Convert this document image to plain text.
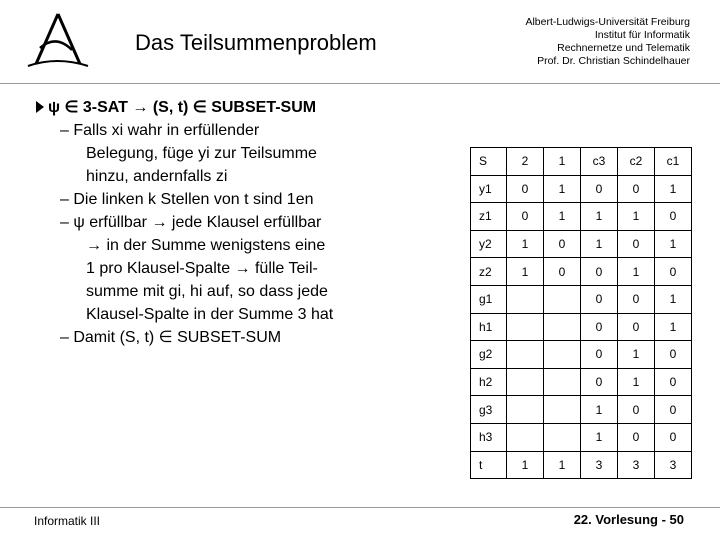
Das Teilsummenproblem
Albert-Ludwigs-Universität Freiburg
Institut für Informatik
Rechnernetze und Telematik
Prof. Dr. Christian Schindelhauer
ψ ∈ 3-SAT → (S, t) ∈ SUBSET-SUM
– Falls xi wahr in erfüllender
Belegung, füge yi zur Teilsumme
hinzu, andernfalls zi
– Die linken k Stellen von t sind 1en
– ψ erfüllbar → jede Klausel erfüllbar
→ in der Summe wenigstens eine
1 pro Klausel-Spalte → fülle Teil-
summe mit gi, hi auf, so dass jede
Klausel-Spalte in der Summe 3 hat
– Damit (S, t) ∈ SUBSET-SUM
S	2	1	c3	c2	c1
y1	0	1	0	0	1
z1	0	1	1	1	0
y2	1	0	1	0	1
z2	1	0	0	1	0
g1			0	0	1
h1			0	0	1
g2			0	1	0
h2			0	1	0
g3			1	0	0
h3			1	0	0
t	1	1	3	3	3
Informatik III	22. Vorlesung - 50
